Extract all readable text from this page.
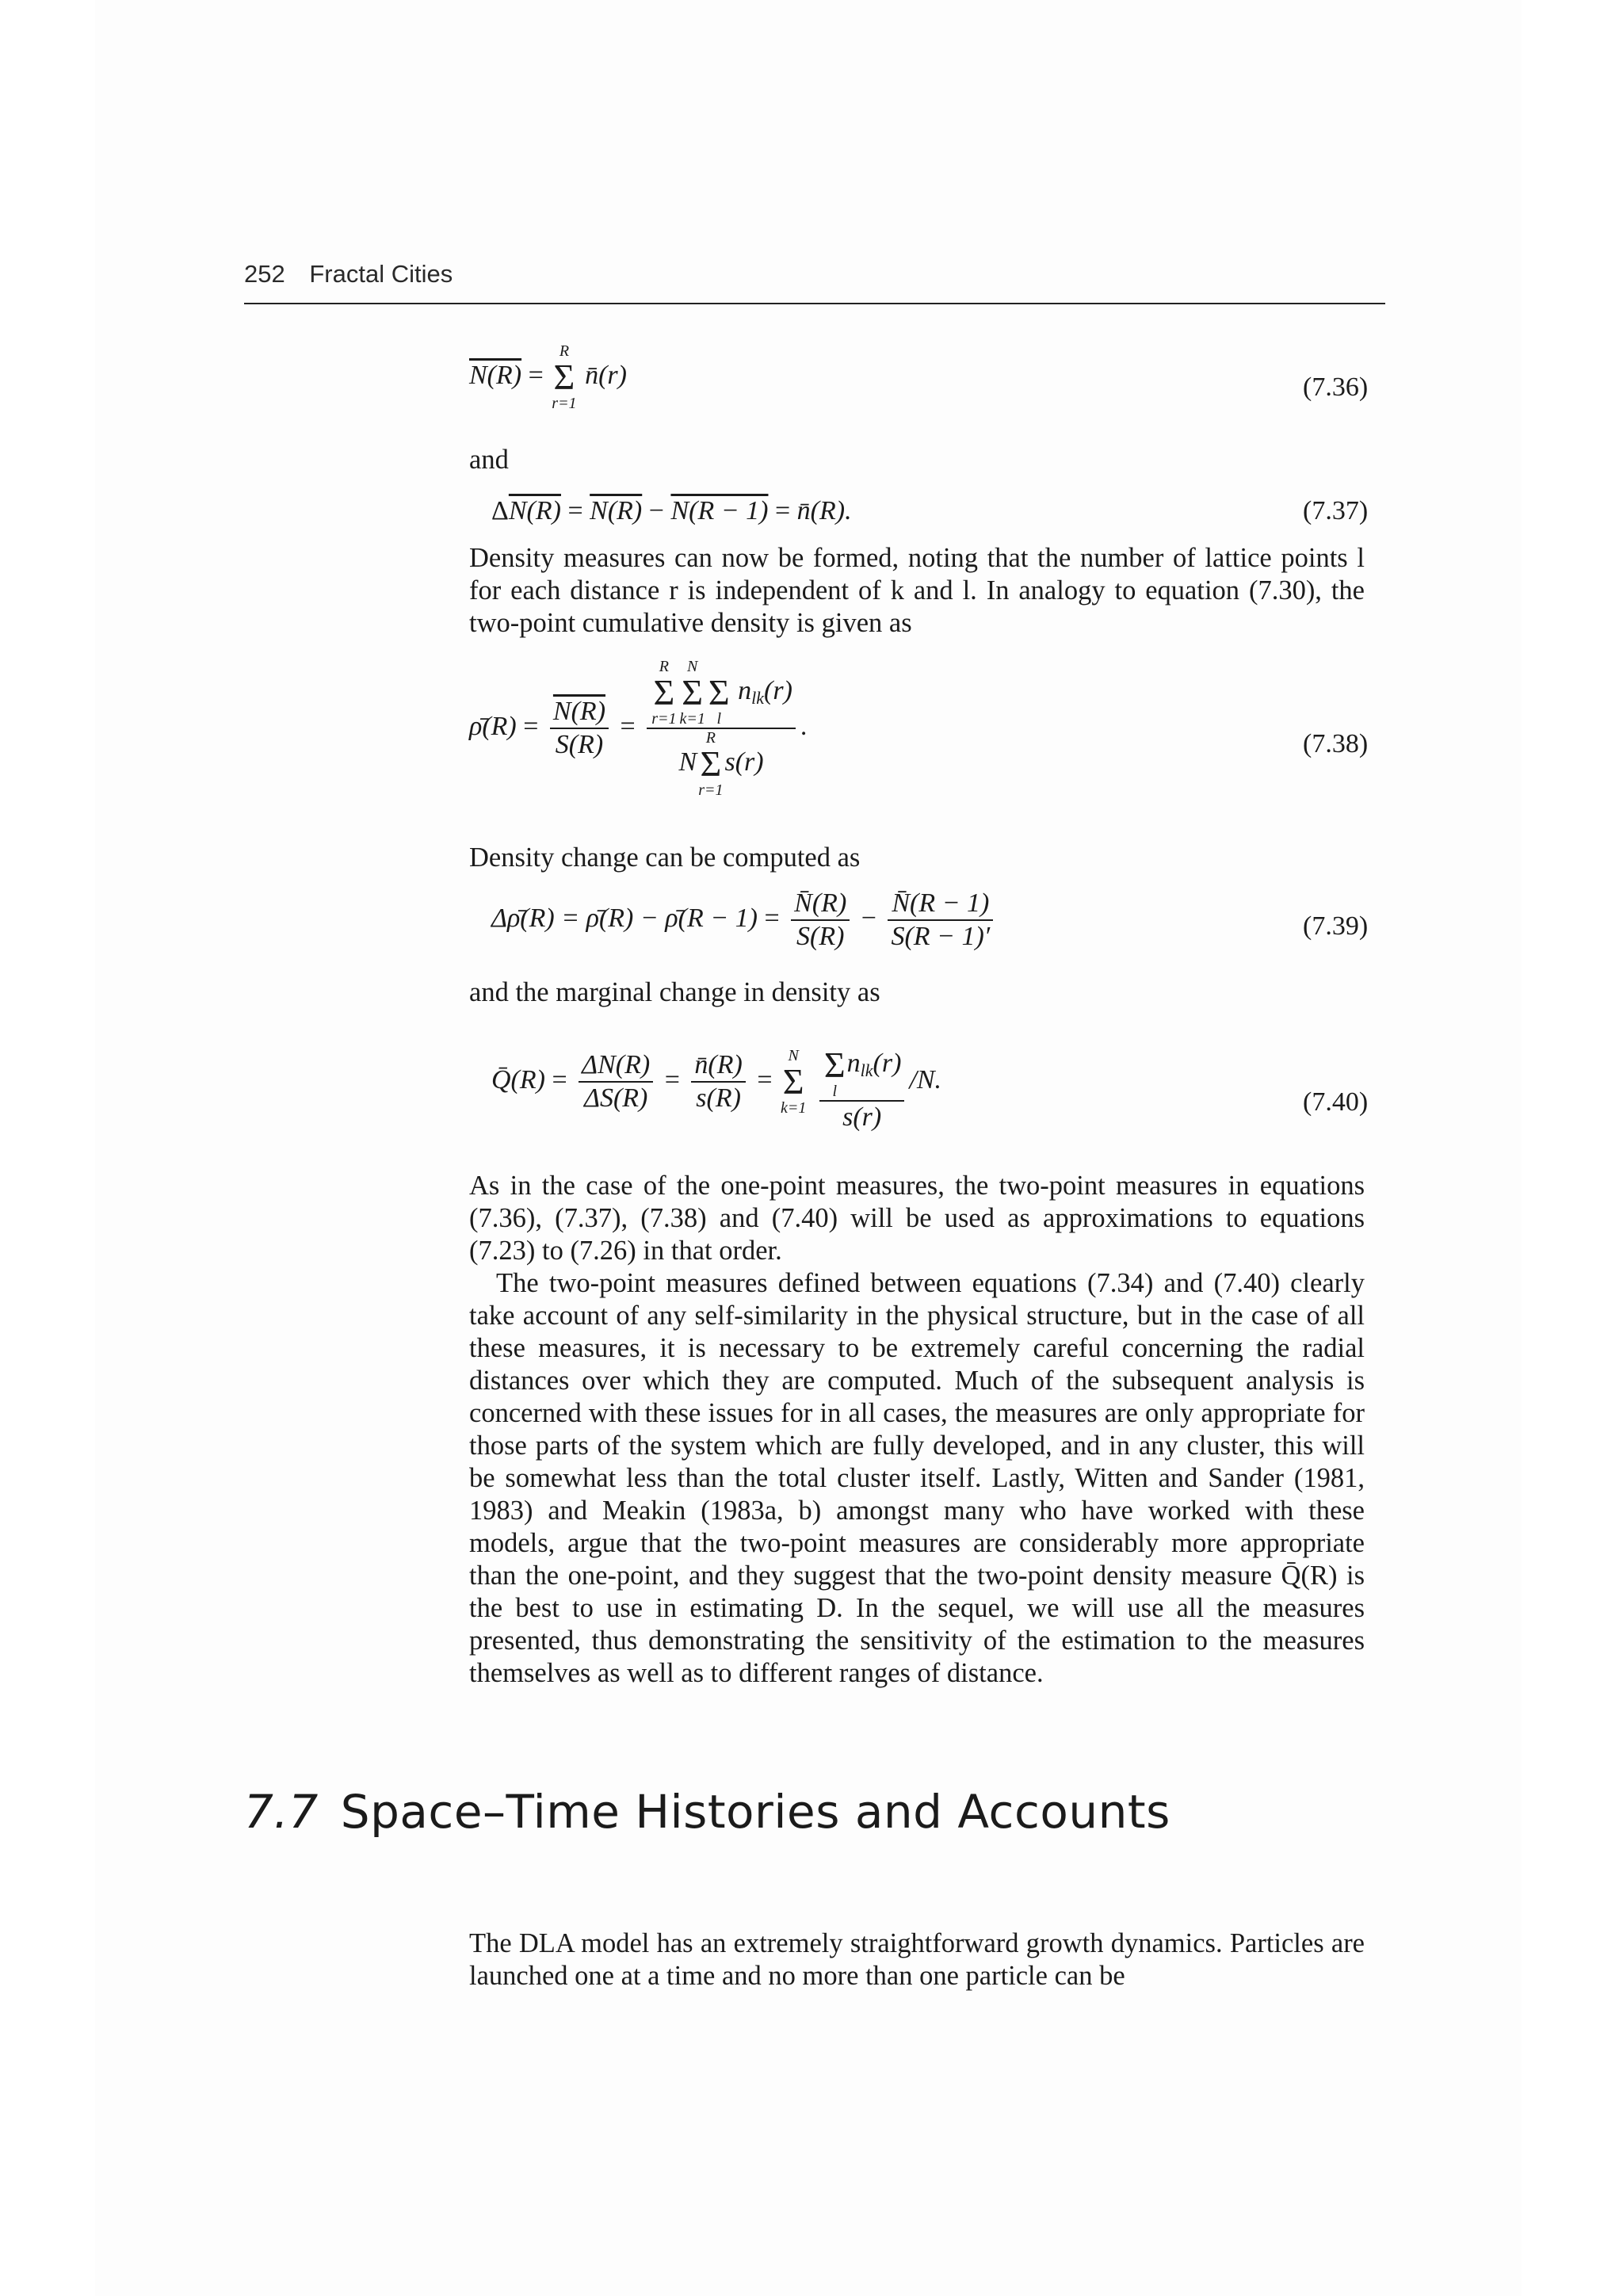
252 Fractal Cities
N(R) =
R
Σ
r=1
n̄(r)	(7.36)
and
ΔN(R) = N(R) − N(R − 1) = n̄(R).	(7.37)

Density measures can now be formed, noting that the number of lattice points l for each distance r is independent of k and l. In analogy to equation (7.30), the two-point cumulative density is given as

ρ̄(R) = $\frac{N(R)}{S(R)} = R$
Σ
r=1
N
Σ
k=1

Σ
l
$n_{lk}(r)$
N
R
Σ
r=1
s(r) .
(7.38)
Density change can be computed as
Δρ̄(R) = ρ̄(R) − ρ̄(R − $1) = \frac{N̄(R)}{S(R)} - \frac{N̄(R - 1)}{S(R - 1)'}$	(7.39)
and the marginal change in density as
Q̄(R) = $\frac{\Delta N(R)}{\Delta S(R)} = \frac{n̄(R)}{s(R)}$ =
N
Σ
k=1

Σ
l
$n_{lk}(r)$
s(r) /N.
(7.40)

As in the case of the one-point measures, the two-point measures in equations (7.36), (7.37), (7.38) and (7.40) will be used as approximations to equations (7.23) to (7.26) in that order.

The two-point measures defined between equations (7.34) and (7.40) clearly take account of any self-similarity in the physical structure, but in the case of all these measures, it is necessary to be extremely careful concerning the radial distances over which they are computed. Much of the subsequent analysis is concerned with these issues for in all cases, the measures are only appropriate for those parts of the system which are fully developed, and in any cluster, this will be somewhat less than the total cluster itself. Lastly, Witten and Sander (1981, 1983) and Meakin (1983a, b) amongst many who have worked with these models, argue that the two-point measures are considerably more appropriate than the one-point, and they suggest that the two-point density measure Q̄(R) is the best to use in estimating D. In the sequel, we will use all the measures presented, thus demonstrating the sensitivity of the estimation to the measures themselves as well as to different ranges of distance.

7.7 Space–Time Histories and Accounts

The DLA model has an extremely straightforward growth dynamics. Particles are launched one at a time and no more than one particle can be
